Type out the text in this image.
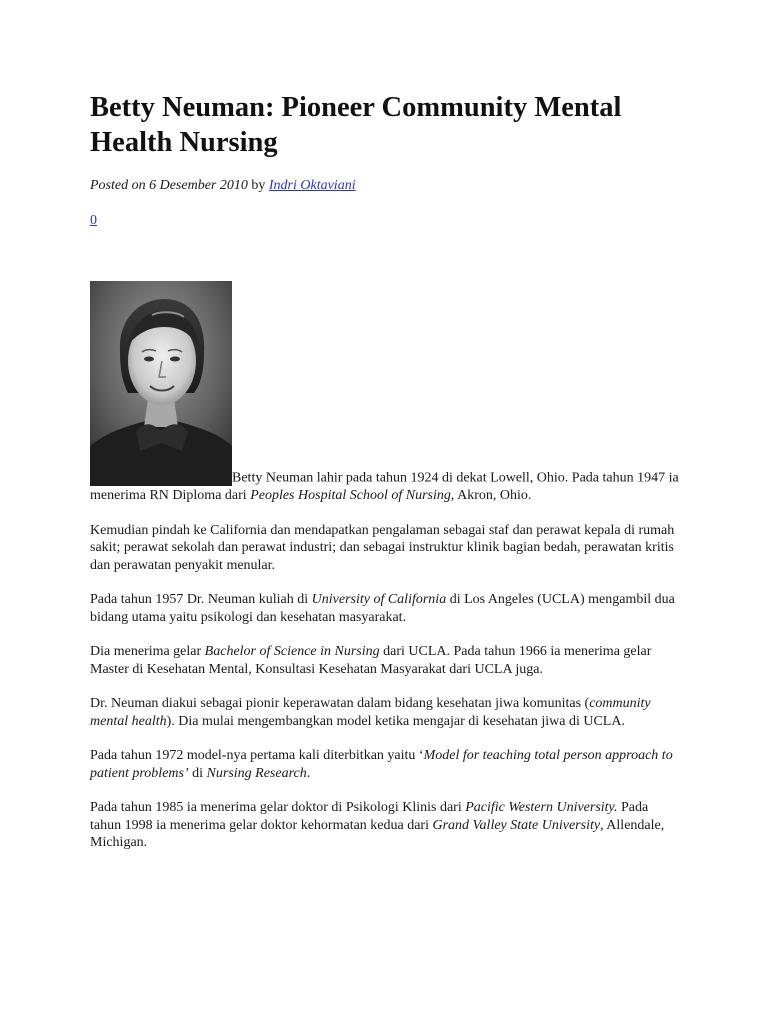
Betty Neuman: Pioneer Community Mental Health Nursing

Posted on 6 Desember 2010 by Indri Oktaviani

0

Betty Neuman lahir pada tahun 1924 di dekat Lowell, Ohio. Pada tahun 1947 ia menerima RN Diploma dari Peoples Hospital School of Nursing, Akron, Ohio.

Kemudian pindah ke California dan mendapatkan pengalaman sebagai staf dan perawat kepala di rumah sakit; perawat sekolah dan perawat industri; dan sebagai instruktur klinik bagian bedah, perawatan kritis dan perawatan penyakit menular.

Pada tahun 1957 Dr. Neuman kuliah di University of California di Los Angeles (UCLA) mengambil dua bidang utama yaitu psikologi dan kesehatan masyarakat.

Dia menerima gelar Bachelor of Science in Nursing dari UCLA. Pada tahun 1966 ia menerima gelar Master di Kesehatan Mental, Konsultasi Kesehatan Masyarakat dari UCLA juga.

Dr. Neuman diakui sebagai pionir keperawatan dalam bidang kesehatan jiwa komunitas (community mental health). Dia mulai mengembangkan model ketika mengajar di kesehatan jiwa di UCLA.

Pada tahun 1972 model-nya pertama kali diterbitkan yaitu ‘Model for teaching total person approach to patient problems’ di Nursing Research.

Pada tahun 1985 ia menerima gelar doktor di Psikologi Klinis dari Pacific Western University. Pada tahun 1998 ia menerima gelar doktor kehormatan kedua dari Grand Valley State University, Allendale, Michigan.
